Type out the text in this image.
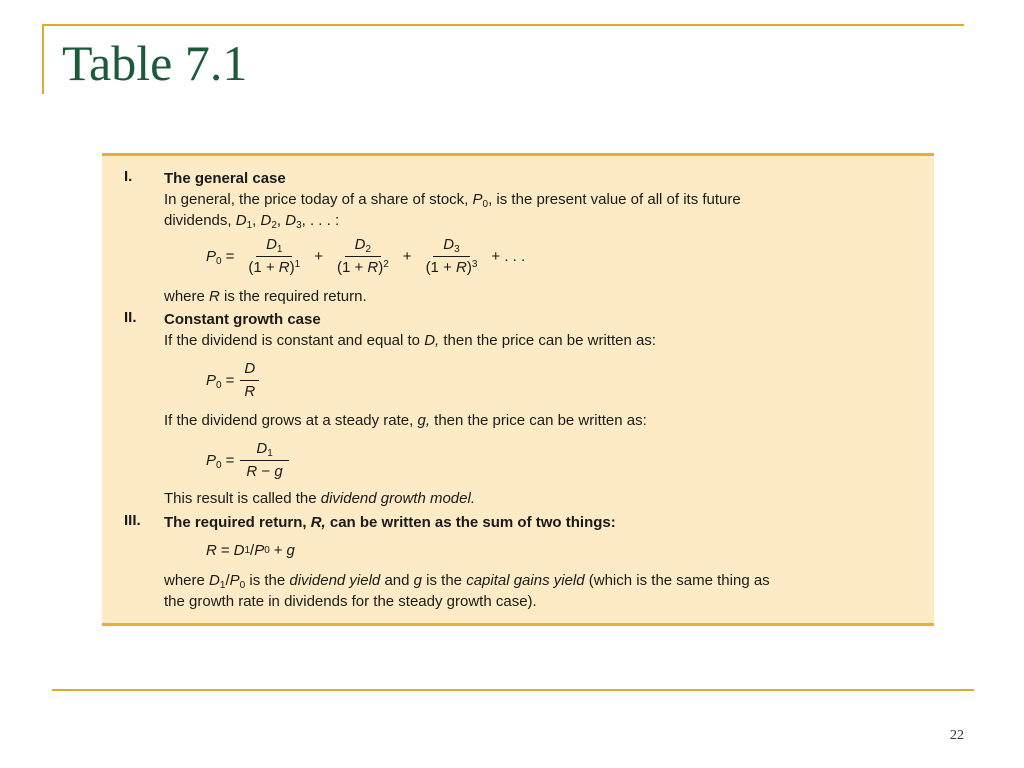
Table 7.1
I. The general case
In general, the price today of a share of stock, $P_0$, is the present value of all of its future
dividends, $D_1$, $D_2$, $D_3$, . . . :
$P_0 = \frac{D_1}{(1 + R)^1} + \frac{D_2}{(1 + R)^2} + \frac{D_3}{(1 + R)^3}$ + . . .
where R is the required return.
II. Constant growth case
If the dividend is constant and equal to D, then the price can be written as:
$P_0 = \frac{D}{R}$
If the dividend grows at a steady rate, g, then the price can be written as:
$P_0 = \frac{D_1}{R - g}$
This result is called the dividend growth model.
III. The required return, R, can be written as the sum of two things:
R = D 1 / P 0 + g
where $D_1/P_0$ is the dividend yield and g is the capital gains yield (which is the same thing as
the growth rate in dividends for the steady growth case).
22
